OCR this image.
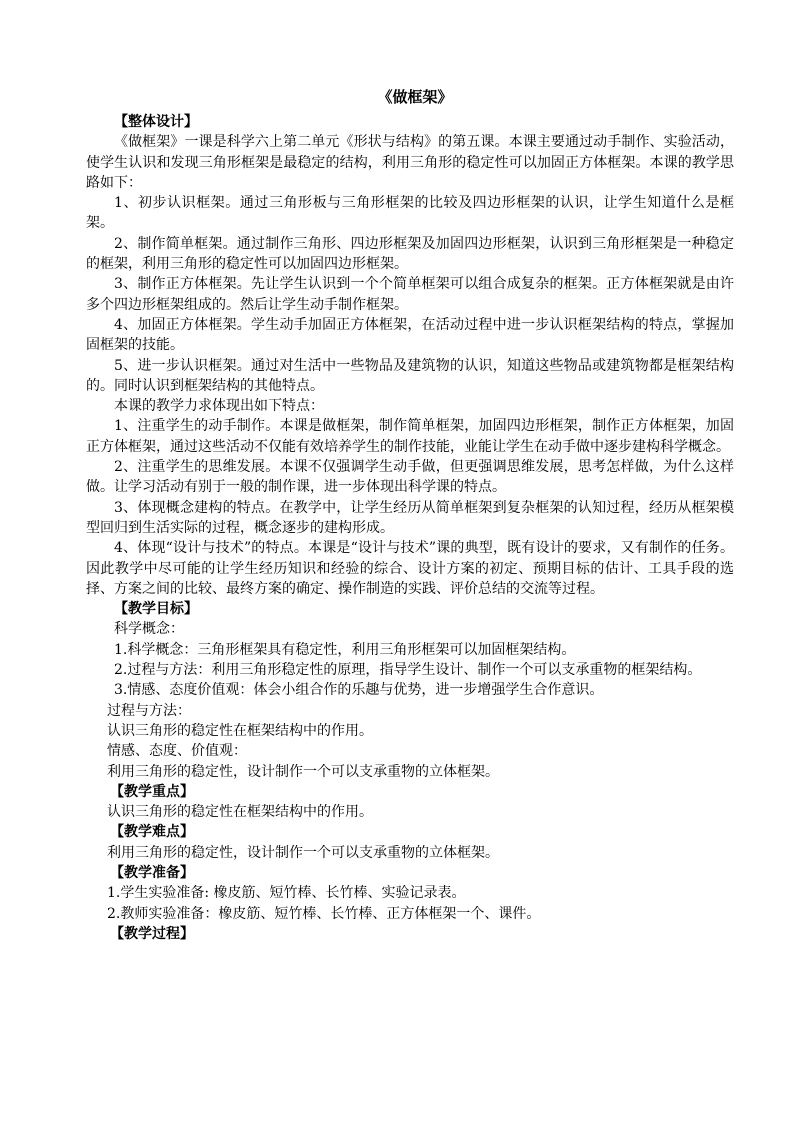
《做框架》

【整体设计】

《做框架》一课是科学六上第二单元《形状与结构》的第五课。本课主要通过动手制作、实验活动，使学生认识和发现三角形框架是最稳定的结构，利用三角形的稳定性可以加固正方体框架。本课的教学思路如下：

1、初步认识框架。通过三角形板与三角形框架的比较及四边形框架的认识，让学生知道什么是框架。

2、制作简单框架。通过制作三角形、四边形框架及加固四边形框架，认识到三角形框架是一种稳定的框架，利用三角形的稳定性可以加固四边形框架。

3、制作正方体框架。先让学生认识到一个个简单框架可以组合成复杂的框架。正方体框架就是由许多个四边形框架组成的。然后让学生动手制作框架。

4、加固正方体框架。学生动手加固正方体框架，在活动过程中进一步认识框架结构的特点，掌握加固框架的技能。

5、进一步认识框架。通过对生活中一些物品及建筑物的认识，知道这些物品或建筑物都是框架结构的。同时认识到框架结构的其他特点。

本课的教学力求体现出如下特点：

1、注重学生的动手制作。本课是做框架，制作简单框架，加固四边形框架，制作正方体框架，加固正方体框架，通过这些活动不仅能有效培养学生的制作技能，业能让学生在动手做中逐步建构科学概念。

2、注重学生的思维发展。本课不仅强调学生动手做，但更强调思维发展，思考怎样做，为什么这样做。让学习活动有别于一般的制作课，进一步体现出科学课的特点。

3、体现概念建构的特点。在教学中，让学生经历从简单框架到复杂框架的认知过程，经历从框架模型回归到生活实际的过程，概念逐步的建构形成。

4、体现“设计与技术”的特点。本课是“设计与技术”课的典型，既有设计的要求，又有制作的任务。因此教学中尽可能的让学生经历知识和经验的综合、设计方案的初定、预期目标的估计、工具手段的选择、方案之间的比较、最终方案的确定、操作制造的实践、评价总结的交流等过程。

【教学目标】

科学概念：

1.科学概念：三角形框架具有稳定性，利用三角形框架可以加固框架结构。

2.过程与方法：利用三角形稳定性的原理，指导学生设计、制作一个可以支承重物的框架结构。

3.情感、态度价值观：体会小组合作的乐趣与优势，进一步增强学生合作意识。

过程与方法：

认识三角形的稳定性在框架结构中的作用。

情感、态度、价值观：

利用三角形的稳定性，设计制作一个可以支承重物的立体框架。

【教学重点】

认识三角形的稳定性在框架结构中的作用。

【教学难点】

利用三角形的稳定性，设计制作一个可以支承重物的立体框架。

【教学准备】

1.学生实验准备: 橡皮筋、短竹棒、长竹棒、实验记录表。

2.教师实验准备：橡皮筋、短竹棒、长竹棒、正方体框架一个、课件。

【教学过程】
